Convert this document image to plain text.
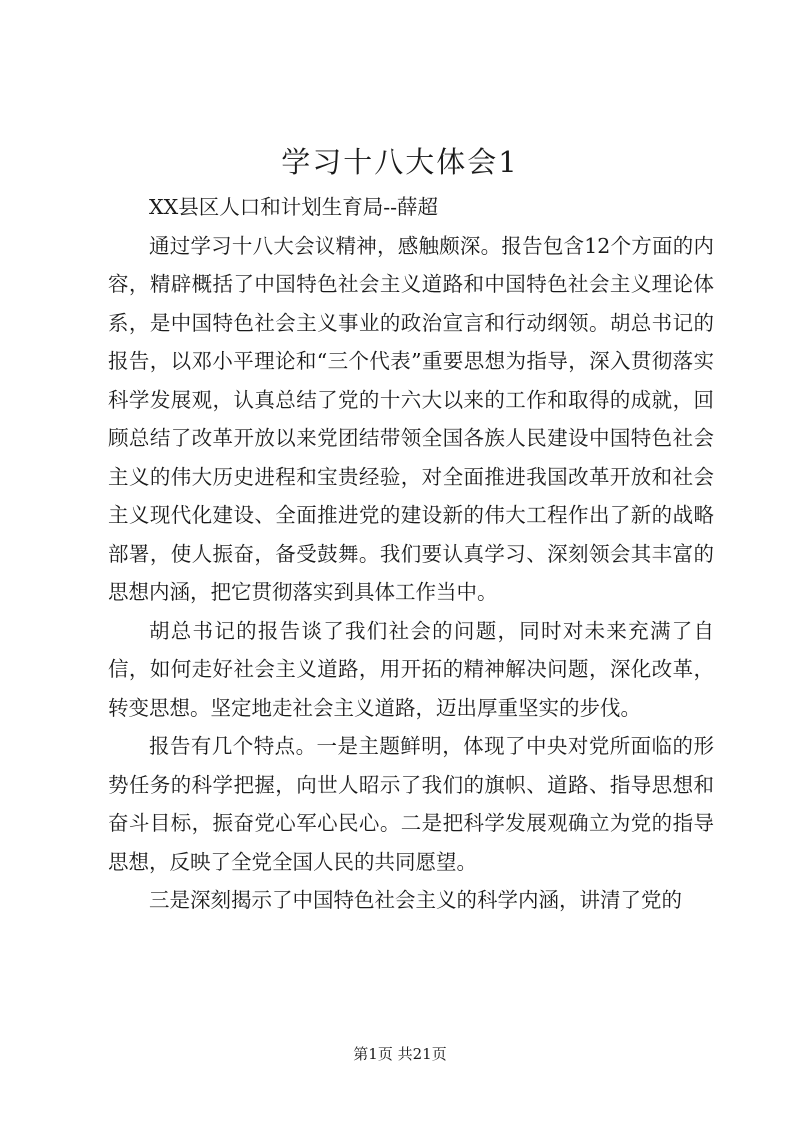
学习十八大体会1

XX县区人口和计划生育局--薛超

通过学习十八大会议精神，感触颇深。报告包含12个方面的内容，精辟概括了中国特色社会主义道路和中国特色社会主义理论体系，是中国特色社会主义事业的政治宣言和行动纲领。胡总书记的报告，以邓小平理论和“三个代表”重要思想为指导，深入贯彻落实科学发展观，认真总结了党的十六大以来的工作和取得的成就，回顾总结了改革开放以来党团结带领全国各族人民建设中国特色社会主义的伟大历史进程和宝贵经验，对全面推进我国改革开放和社会主义现代化建设、全面推进党的建设新的伟大工程作出了新的战略部署，使人振奋，备受鼓舞。我们要认真学习、深刻领会其丰富的思想内涵，把它贯彻落实到具体工作当中。

胡总书记的报告谈了我们社会的问题，同时对未来充满了自信，如何走好社会主义道路，用开拓的精神解决问题，深化改革，转变思想。坚定地走社会主义道路，迈出厚重坚实的步伐。

报告有几个特点。一是主题鲜明，体现了中央对党所面临的形势任务的科学把握，向世人昭示了我们的旗帜、道路、指导思想和奋斗目标，振奋党心军心民心。二是把科学发展观确立为党的指导思想，反映了全党全国人民的共同愿望。

三是深刻揭示了中国特色社会主义的科学内涵，讲清了党的

第1页 共21页
